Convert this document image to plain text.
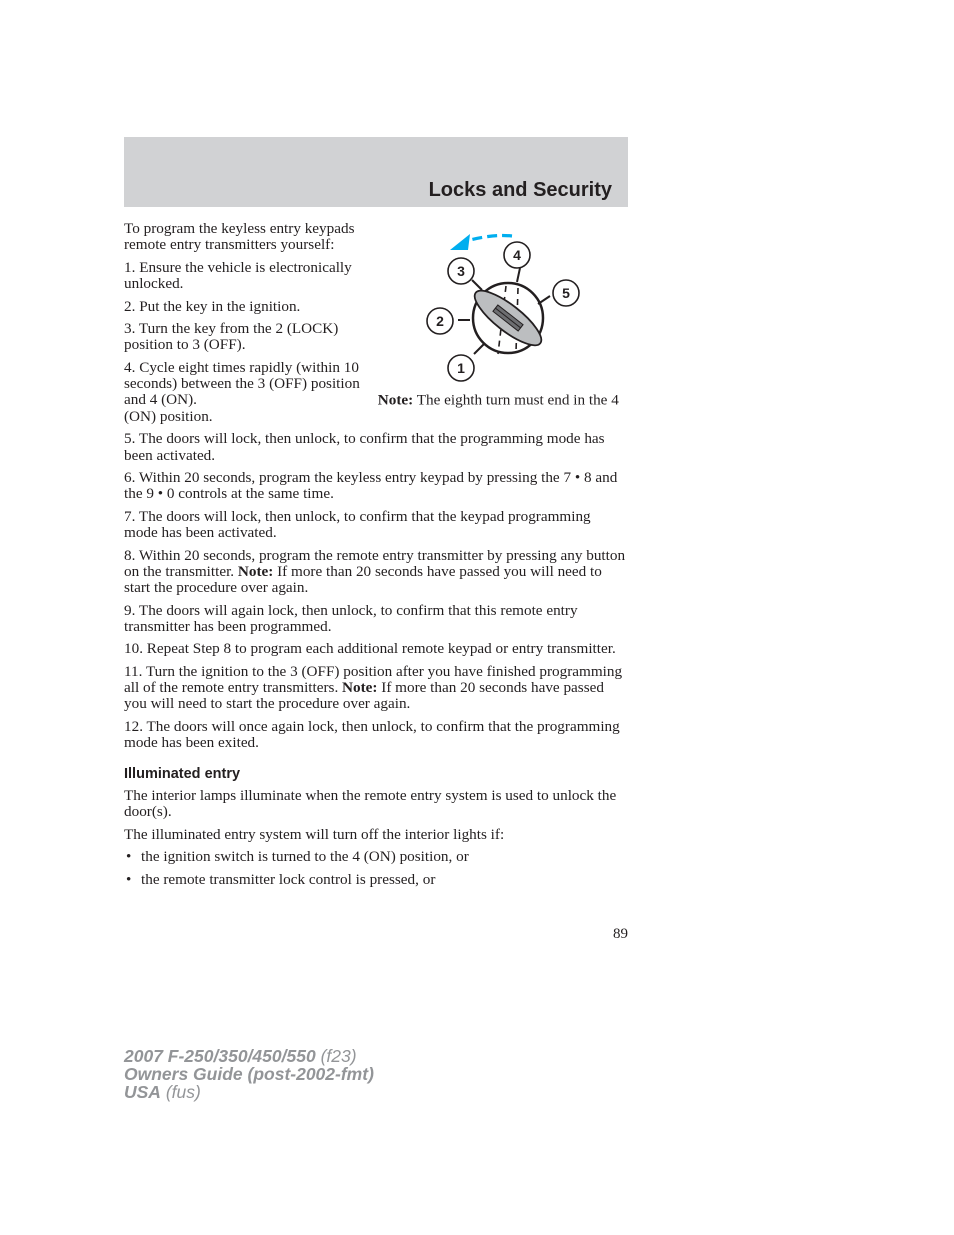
Locks and Security
3
4
5
2
1

To program the keyless entry keypads remote entry transmitters yourself:

1. Ensure the vehicle is electronically unlocked.

2. Put the key in the ignition.

3. Turn the key from the 2 (LOCK) position to 3 (OFF).

4. Cycle eight times rapidly (within 10 seconds) between the 3 (OFF) position and 4 (ON).	Note: The eighth turn must end in the 4 (ON) position.

5. The doors will lock, then unlock, to confirm that the programming mode has been activated.

6. Within 20 seconds, program the keyless entry keypad by pressing the 7 • 8 and the 9 • 0 controls at the same time.

7. The doors will lock, then unlock, to confirm that the keypad programming mode has been activated.

8. Within 20 seconds, program the remote entry transmitter by pressing any button on the transmitter. Note: If more than 20 seconds have passed you will need to start the procedure over again.

9. The doors will again lock, then unlock, to confirm that this remote entry transmitter has been programmed.

10. Repeat Step 8 to program each additional remote keypad or entry transmitter.

11. Turn the ignition to the 3 (OFF) position after you have finished programming all of the remote entry transmitters. Note: If more than 20 seconds have passed you will need to start the procedure over again.

12. The doors will once again lock, then unlock, to confirm that the programming mode has been exited.

Illuminated entry

The interior lamps illuminate when the remote entry system is used to unlock the door(s).

The illuminated entry system will turn off the interior lights if:

• the ignition switch is turned to the 4 (ON) position, or
• the remote transmitter lock control is pressed, or
89
2007 F-250/350/450/550 (f23)
Owners Guide (post-2002-fmt)
USA (fus)
